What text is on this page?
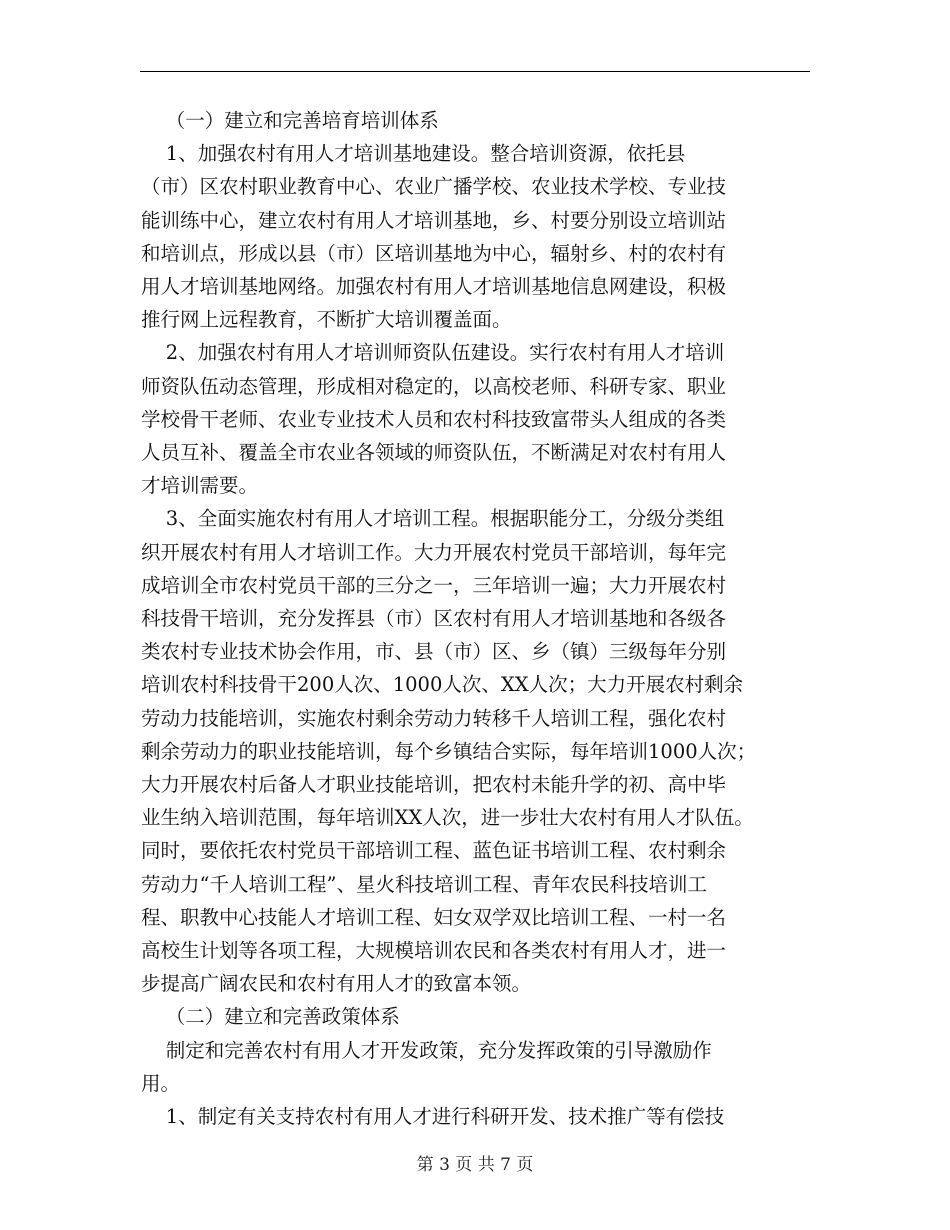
（一）建立和完善培育培训体系

1、加强农村有用人才培训基地建设。整合培训资源，依托县

（市）区农村职业教育中心、农业广播学校、农业技术学校、专业技

能训练中心，建立农村有用人才培训基地，乡、村要分别设立培训站

和培训点，形成以县（市）区培训基地为中心，辐射乡、村的农村有

用人才培训基地网络。加强农村有用人才培训基地信息网建设，积极

推行网上远程教育，不断扩大培训覆盖面。

2、加强农村有用人才培训师资队伍建设。实行农村有用人才培训

师资队伍动态管理，形成相对稳定的，以高校老师、科研专家、职业

学校骨干老师、农业专业技术人员和农村科技致富带头人组成的各类

人员互补、覆盖全市农业各领域的师资队伍，不断满足对农村有用人

才培训需要。

3、全面实施农村有用人才培训工程。根据职能分工，分级分类组

织开展农村有用人才培训工作。大力开展农村党员干部培训，每年完

成培训全市农村党员干部的三分之一，三年培训一遍；大力开展农村

科技骨干培训，充分发挥县（市）区农村有用人才培训基地和各级各

类农村专业技术协会作用，市、县（市）区、乡（镇）三级每年分别

培训农村科技骨干200人次、1000人次、XX人次；大力开展农村剩余

劳动力技能培训，实施农村剩余劳动力转移千人培训工程，强化农村

剩余劳动力的职业技能培训，每个乡镇结合实际，每年培训1000人次；

大力开展农村后备人才职业技能培训，把农村未能升学的初、高中毕

业生纳入培训范围，每年培训XX人次，进一步壮大农村有用人才队伍。

同时，要依托农村党员干部培训工程、蓝色证书培训工程、农村剩余

劳动力“千人培训工程”、星火科技培训工程、青年农民科技培训工

程、职教中心技能人才培训工程、妇女双学双比培训工程、一村一名

高校生计划等各项工程，大规模培训农民和各类农村有用人才，进一

步提高广阔农民和农村有用人才的致富本领。

（二）建立和完善政策体系

制定和完善农村有用人才开发政策，充分发挥政策的引导激励作

用。

1、制定有关支持农村有用人才进行科研开发、技术推广等有偿技

第 3 页 共 7 页
